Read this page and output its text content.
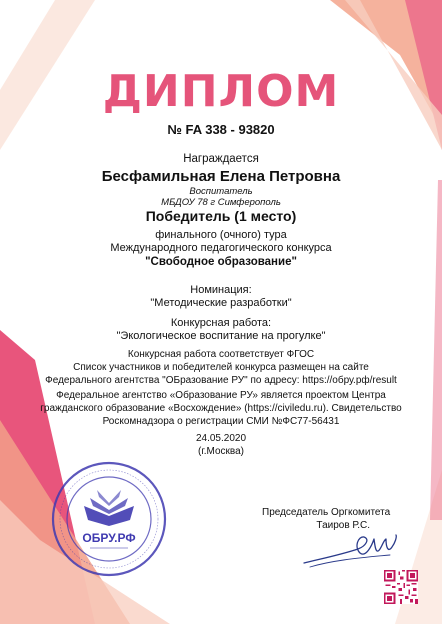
ДИПЛОМ
№ FA 338 - 93820
Награждается
Бесфамильная Елена Петровна
Воспитатель
МБДОУ 78 г Симферополь
Победитель (1 место)
финального (очного) тура
Международного педагогического конкурса
"Свободное образование"
Номинация:
"Методические разработки"
Конкурсная работа:
"Экологическое воспитание на прогулке"
Конкурсная работа соответствует ФГОС
Список участников и победителей конкурса размещен на сайте
Федерального агентства "ОБразование РУ" по адресу: https://обру.рф/result
Федеральное агентство «Образование РУ» является проектом Центра
гражданского образование «Восхождение» (https://civiledu.ru). Свидетельство
Роскомнадзора о регистрации СМИ №ФС77-56431
24.05.2020
(г.Москва)
Председатель Оргкомитета
Таиров Р.С.
ОБРУ.РФ
